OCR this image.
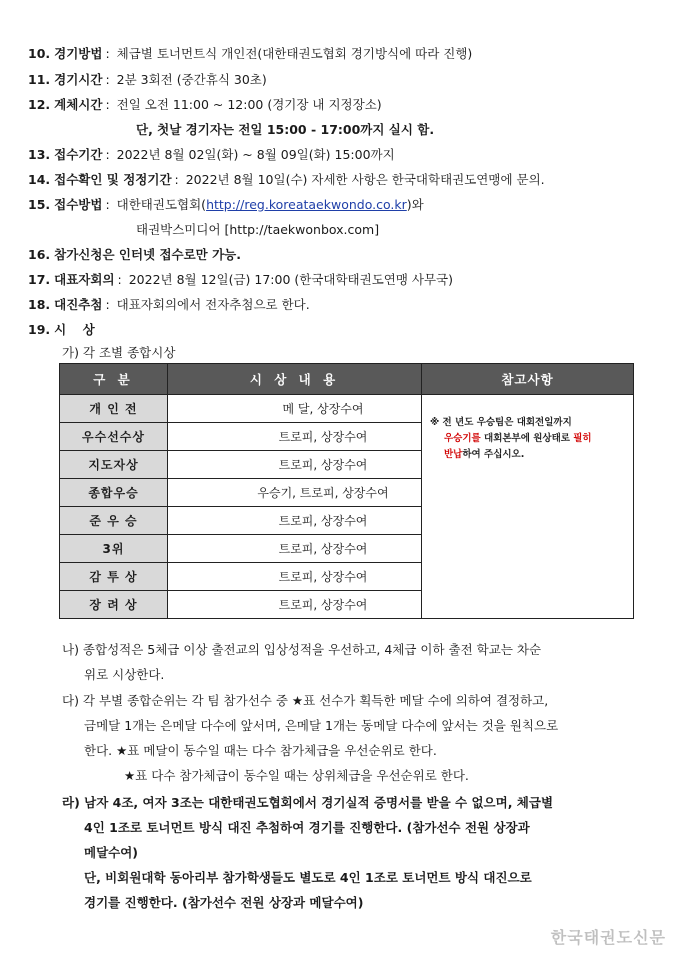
10. 경기방법 : 체급별 토너먼트식 개인전(대한태권도협회 경기방식에 따라 진행)
11. 경기시간 : 2분 3회전 (중간휴식 30초)
12. 계체시간 : 전일 오전 11:00 ~ 12:00 (경기장 내 지정장소)
단, 첫날 경기자는 전일 15:00 - 17:00까지 실시 함.
13. 접수기간 : 2022년 8월 02일(화) ~ 8월 09일(화) 15:00까지
14. 접수확인 및 정정기간 : 2022년 8월 10일(수) 자세한 사항은 한국대학태권도연맹에 문의.
15. 접수방법 : 대한태권도협회(http://reg.koreataekwondo.co.kr)와
태권박스미디어 [http://taekwonbox.com]
16. 참가신청은 인터넷 접수로만 가능.
17. 대표자회의 : 2022년 8월 12일(금) 17:00 (한국대학태권도연맹 사무국)
18. 대진추첨 : 대표자회의에서 전자추첨으로 한다.
19. 시 상
가) 각 조별 종합시상
구 분	시 상 내 용	참고사항
개 인 전	메 달, 상장수여	※ 전 년도 우승팀은 대회전일까지
우승기를 대회본부에 원상태로 필히
반납하여 주십시오.

우수선수상	트로피, 상장수여	
지도자상	트로피, 상장수여	
종합우승	우승기, 트로피, 상장수여	
준 우 승	트로피, 상장수여	
3위	트로피, 상장수여	
감 투 상	트로피, 상장수여	
장 려 상	트로피, 상장수여	
나) 종합성적은 5체급 이상 출전교의 입상성적을 우선하고, 4체급 이하 출전 학교는 차순
위로 시상한다.
다) 각 부별 종합순위는 각 팀 참가선수 중 ★표 선수가 획득한 메달 수에 의하여 결정하고,
금메달 1개는 은메달 다수에 앞서며, 은메달 1개는 동메달 다수에 앞서는 것을 원칙으로
한다. ★표 메달이 동수일 때는 다수 참가체급을 우선순위로 한다.
★표 다수 참가체급이 동수일 때는 상위체급을 우선순위로 한다.
라) 남자 4조, 여자 3조는 대한태권도협회에서 경기실적 증명서를 받을 수 없으며, 체급별
4인 1조로 토너먼트 방식 대진 추첨하여 경기를 진행한다. (참가선수 전원 상장과
메달수여)
단, 비회원대학 동아리부 참가학생들도 별도로 4인 1조로 토너먼트 방식 대진으로
경기를 진행한다. (참가선수 전원 상장과 메달수여)
한국태권도신문
